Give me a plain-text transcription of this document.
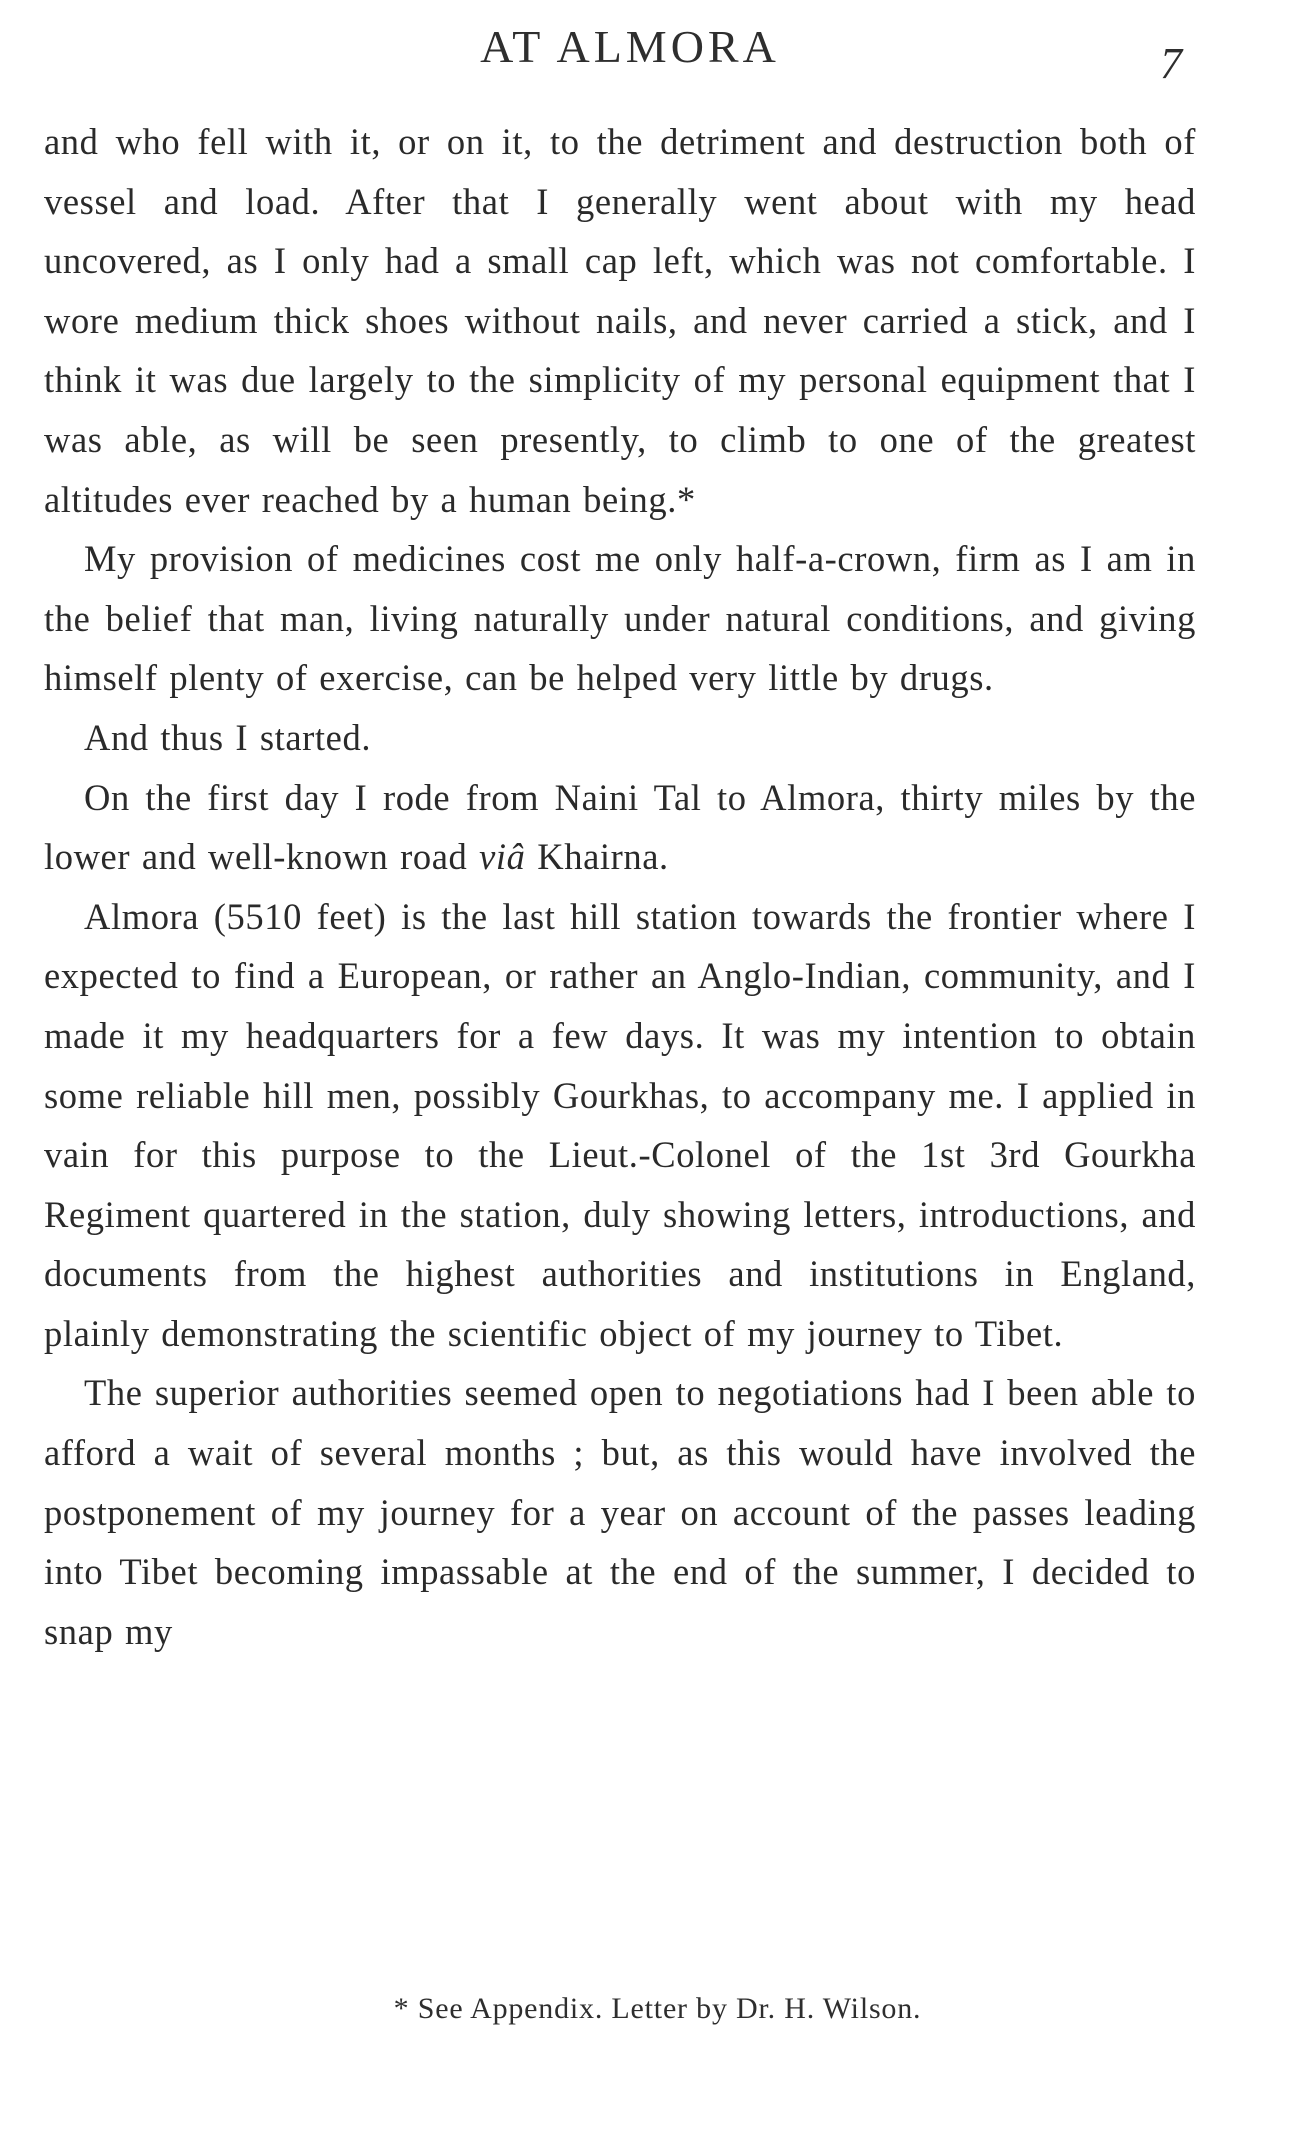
AT ALMORA	7

and who fell with it, or on it, to the detriment and destruction both of vessel and load. After that I generally went about with my head uncovered, as I only had a small cap left, which was not comfortable. I wore medium thick shoes without nails, and never carried a stick, and I think it was due largely to the simplicity of my personal equipment that I was able, as will be seen presently, to climb to one of the greatest altitudes ever reached by a human being.*

My provision of medicines cost me only half-a-crown, firm as I am in the belief that man, living naturally under natural conditions, and giving himself plenty of exercise, can be helped very little by drugs.

And thus I started.

On the first day I rode from Naini Tal to Almora, thirty miles by the lower and well-known road viâ Khairna.

Almora (5510 feet) is the last hill station towards the frontier where I expected to find a European, or rather an Anglo-Indian, community, and I made it my headquarters for a few days. It was my intention to obtain some reliable hill men, possibly Gourkhas, to accompany me. I applied in vain for this purpose to the Lieut.-Colonel of the 1st 3rd Gourkha Regiment quartered in the station, duly showing letters, introductions, and documents from the highest authorities and institutions in England, plainly demonstrating the scientific object of my journey to Tibet.

The superior authorities seemed open to negotiations had I been able to afford a wait of several months ; but, as this would have involved the postponement of my journey for a year on account of the passes leading into Tibet becoming impassable at the end of the summer, I decided to snap my

* See Appendix. Letter by Dr. H. Wilson.
